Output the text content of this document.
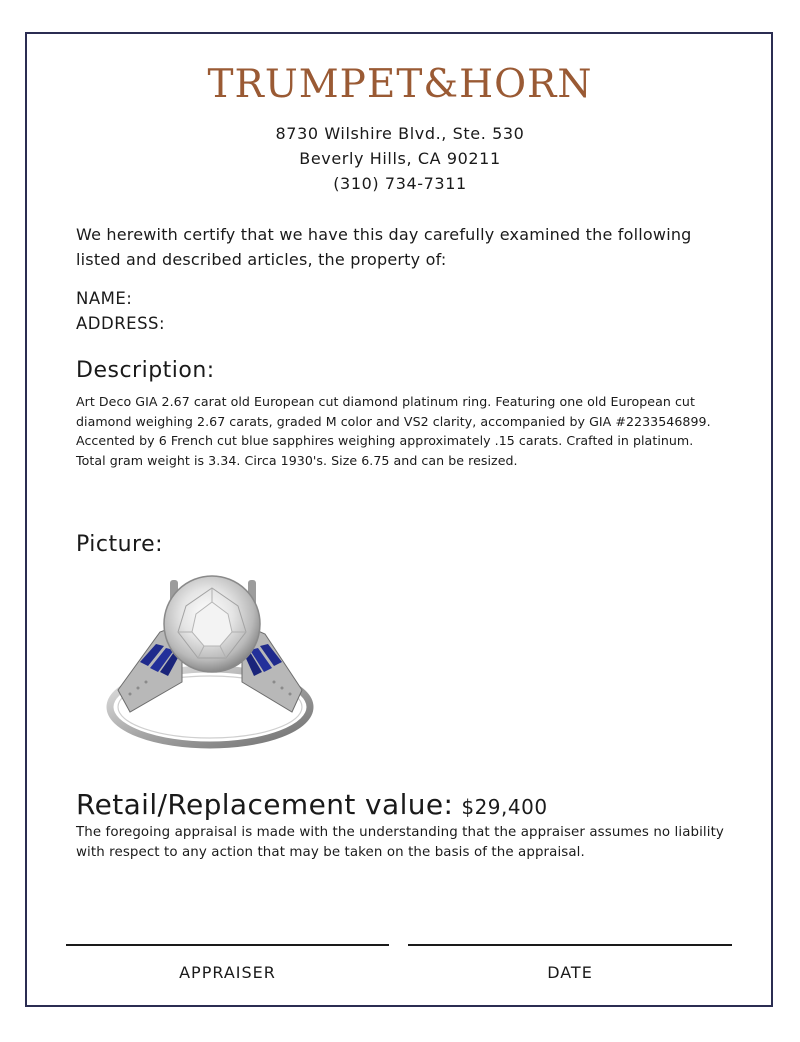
TRUMPET&HORN
8730 Wilshire Blvd., Ste. 530
Beverly Hills, CA 90211
(310) 734-7311
We herewith certify that we have this day carefully examined the following listed and described articles, the property of:
NAME:
ADDRESS:
Description:
Art Deco GIA 2.67 carat old European cut diamond platinum ring. Featuring one old European cut diamond weighing 2.67 carats, graded M color and VS2 clarity, accompanied by GIA #2233546899. Accented by 6 French cut blue sapphires weighing approximately .15 carats. Crafted in platinum. Total gram weight is 3.34. Circa 1930's. Size 6.75 and can be resized.
Picture:
Retail/Replacement value: $29,400
The foregoing appraisal is made with the understanding that the appraiser assumes no liability with respect to any action that may be taken on the basis of the appraisal.
APPRAISER	DATE
